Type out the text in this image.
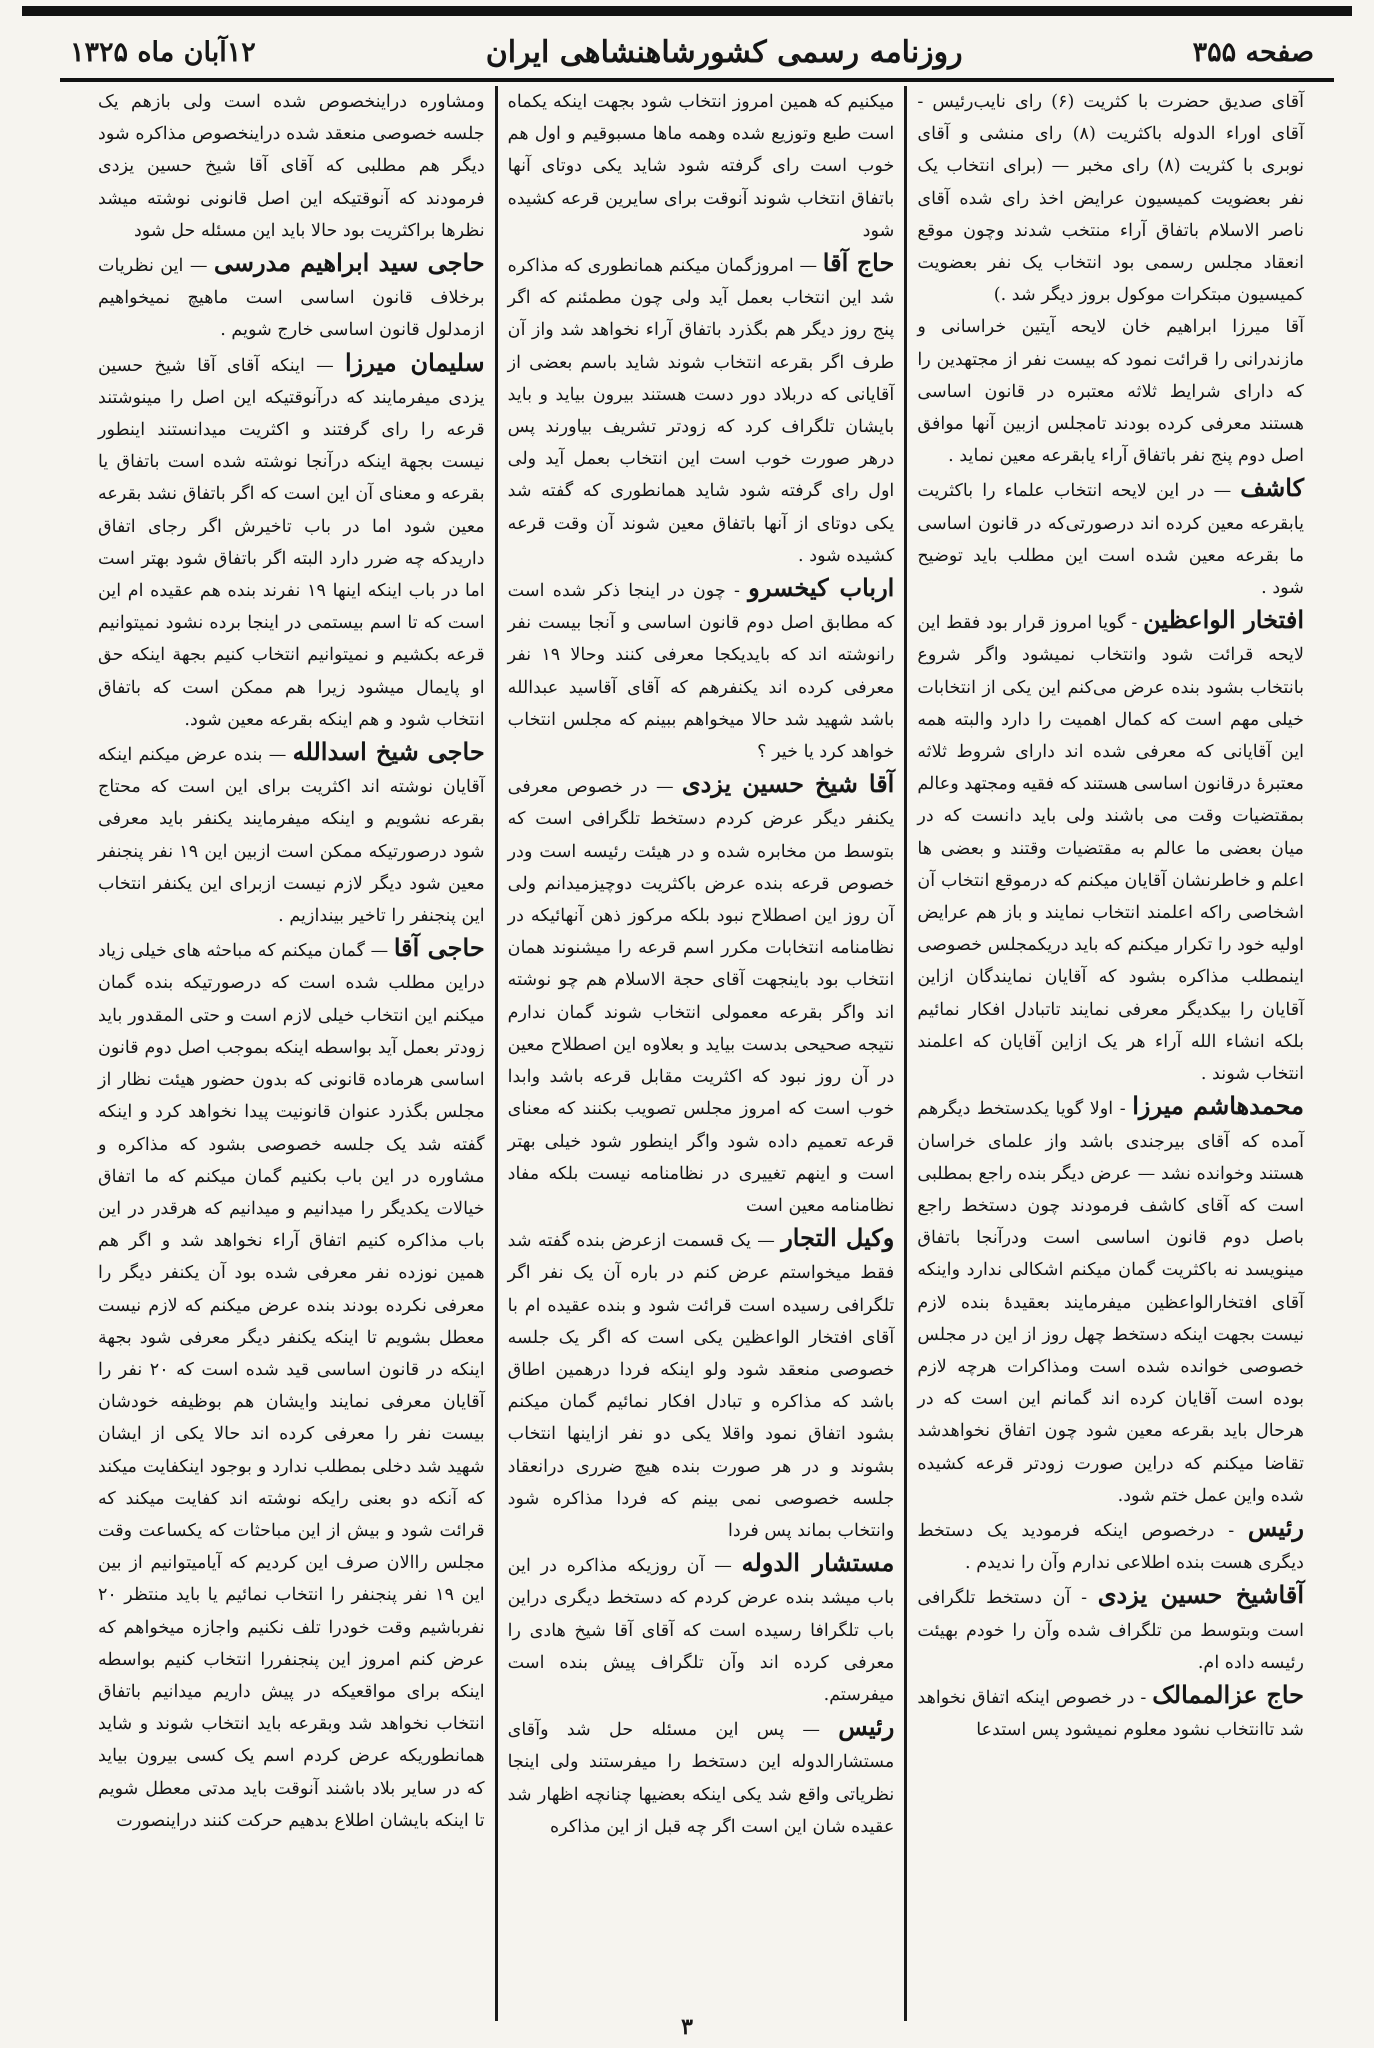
صفحه ۳۵۵
روزنامه رسمی کشورشاهنشاهی ایران
۱۲آبان ماه ۱۳۲۵

آقای صدیق حضرت با کثریت (۶) رای نایب‌رئیس - آقای اوراء الدوله باکثریت (۸) رای منشی و آقای نوبری با کثریت (۸) رای مخبر — (برای انتخاب یک نفر بعضویت کمیسیون عرایض اخذ رای شده آقای ناصر الاسلام باتفاق آراء منتخب شدند وچون موقع انعقاد مجلس رسمی بود انتخاب یک نفر بعضویت کمیسیون مبتکرات موکول بروز دیگر شد .)

آقا میرزا ابراهیم خان لایحه آیتین خراسانی و مازندرانی را قرائت نمود که بیست نفر از مجتهدین را که دارای شرایط ثلاثه معتبره در قانون اساسی هستند معرفی کرده بودند تامجلس ازبین آنها موافق اصل دوم پنج نفر باتفاق آراء یابقرعه معین نماید .

کاشف — در این لایحه انتخاب علماء را باکثریت یابقرعه معین کرده اند درصورتی‌که در قانون اساسی ما بقرعه معین شده است این مطلب باید توضیح شود .

افتخار الواعظین - گویا امروز قرار بود فقط این لایحه قرائت شود وانتخاب نمیشود واگر شروع بانتخاب بشود بنده عرض می‌کنم این یکی از انتخابات خیلی مهم است که کمال اهمیت را دارد والبته همه این آقایانی که معرفی شده اند دارای شروط ثلاثه معتبرهٔ درقانون اساسی هستند که فقیه ومجتهد وعالم بمقتضیات وقت می باشند ولی باید دانست که در میان بعضی ما عالم به مقتضیات وقتند و بعضی ها اعلم و خاطرنشان آقایان میکنم که درموقع انتخاب آن اشخاصی راکه اعلمند انتخاب نمایند و باز هم عرایض اولیه خود را تکرار میکنم که باید دریکمجلس خصوصی اینمطلب مذاکره بشود که آقایان نمایندگان ازاین آقایان را بیکدیگر معرفی نمایند تاتبادل افکار نمائیم بلکه انشاء الله آراء هر یک ازاین آقایان که اعلمند انتخاب شوند .

محمدهاشم میرزا - اولا گویا یکدستخط دیگرهم آمده که آقای بیرجندی باشد واز علمای خراسان هستند وخوانده نشد — عرض دیگر بنده راجع بمطلبی است که آقای کاشف فرمودند چون دستخط راجع باصل دوم قانون اساسی است ودرآنجا باتفاق مینویسد نه باکثریت گمان میکنم اشکالی ندارد واینکه آقای افتخارالواعظین میفرمایند بعقیدهٔ بنده لازم نیست بجهت اینکه دستخط چهل روز از این در مجلس خصوصی خوانده شده است ومذاکرات هرچه لازم بوده است آقایان کرده اند گمانم این است که در هرحال باید بقرعه معین شود چون اتفاق نخواهدشد تقاضا میکنم که دراین صورت زودتر قرعه کشیده شده واین عمل ختم شود.

رئیس - درخصوص اینکه فرمودید یک دستخط دیگری هست بنده اطلاعی ندارم وآن را ندیدم .

آقاشیخ حسین یزدی - آن دستخط تلگرافی است وبتوسط من تلگراف شده وآن را خودم بهیئت رئیسه داده ام.

حاج عزالممالک - در خصوص اینکه اتفاق نخواهد شد تاانتخاب نشود معلوم نمیشود پس استدعا

میکنیم که همین امروز انتخاب شود بجهت اینکه یکماه است طبع وتوزیع شده وهمه ماها مسبوقیم و اول هم خوب است رای گرفته شود شاید یکی دوتای آنها باتفاق انتخاب شوند آنوقت برای سایرین قرعه کشیده شود

حاج آقا — امروزگمان میکنم همانطوری که مذاکره شد این انتخاب بعمل آید ولی چون مطمئنم که اگر پنج روز دیگر هم بگذرد باتفاق آراء نخواهد شد واز آن طرف اگر بقرعه انتخاب شوند شاید باسم بعضی از آقایانی که دربلاد دور دست هستند بیرون بیاید و باید بایشان تلگراف کرد که زودتر تشریف بیاورند پس درهر صورت خوب است این انتخاب بعمل آید ولی اول رای گرفته شود شاید همانطوری که گفته شد یکی دوتای از آنها باتفاق معین شوند آن وقت قرعه کشیده شود .

ارباب کیخسرو - چون در اینجا ذکر شده است که مطابق اصل دوم قانون اساسی و آنجا بیست نفر رانوشته اند که بایدیکجا معرفی کنند وحالا ۱۹ نفر معرفی کرده اند یکنفرهم که آقای آقاسید عبدالله باشد شهید شد حالا میخواهم ببینم که مجلس انتخاب خواهد کرد یا خیر ؟

آقا شیخ حسین یزدی — در خصوص معرفی یکنفر دیگر عرض کردم دستخط تلگرافی است که بتوسط من مخابره شده و در هیئت رئیسه است ودر خصوص قرعه بنده عرض باکثریت دوچیزمیدانم ولی آن روز این اصطلاح نبود بلکه مرکوز ذهن آنهائیکه در نظامنامه انتخابات مکرر اسم قرعه را میشنوند همان انتخاب بود باینجهت آقای حجة الاسلام هم چو نوشته اند واگر بقرعه معمولی انتخاب شوند گمان ندارم نتیجه صحیحی بدست بیاید و بعلاوه این اصطلاح معین در آن روز نبود که اکثریت مقابل قرعه باشد وابدا خوب است که امروز مجلس تصویب بکنند که معنای قرعه تعمیم داده شود واگر اینطور شود خیلی بهتر است و اینهم تغییری در نظامنامه نیست بلکه مفاد نظامنامه معین است

وکیل التجار — یک قسمت ازعرض بنده گفته شد فقط میخواستم عرض کنم در باره آن یک نفر اگر تلگرافی رسیده است قرائت شود و بنده عقیده ام با آقای افتخار الواعظین یکی است که اگر یک جلسه خصوصی منعقد شود ولو اینکه فردا درهمین اطاق باشد که مذاکره و تبادل افکار نمائیم گمان میکنم بشود اتفاق نمود واقلا یکی دو نفر ازاینها انتخاب بشوند و در هر صورت بنده هیچ ضرری درانعقاد جلسه خصوصی نمی بینم که فردا مذاکره شود وانتخاب بماند پس فردا

مستشار الدوله — آن روزیکه مذاکره در این باب میشد بنده عرض کردم که دستخط دیگری دراین باب تلگرافا رسیده است که آقای آقا شیخ هادی را معرفی کرده اند وآن تلگراف پیش بنده است میفرستم.

رئیس — پس این مسئله حل شد وآقای مستشارالدوله این دستخط را میفرستند ولی اینجا نظریاتی واقع شد یکی اینکه بعضیها چنانچه اظهار شد عقیده شان این است اگر چه قبل از این مذاکره

ومشاوره دراینخصوص شده است ولی بازهم یک جلسه خصوصی منعقد شده دراینخصوص مذاکره شود دیگر هم مطلبی که آقای آقا شیخ حسین یزدی فرمودند که آنوقتیکه این اصل قانونی نوشته میشد نظرها براکثریت بود حالا باید این مسئله حل شود

حاجی سید ابراهیم مدرسی — این نظریات برخلاف قانون اساسی است ماهیچ نمیخواهیم ازمدلول قانون اساسی خارج شویم .

سلیمان میرزا — اینکه آقای آقا شیخ حسین یزدی میفرمایند که درآنوقتیکه این اصل را مینوشتند قرعه را رای گرفتند و اکثریت میدانستند اینطور نیست بجهة اینکه درآنجا نوشته شده است باتفاق یا بقرعه و معنای آن این است که اگر باتفاق نشد بقرعه معین شود اما در باب تاخیرش اگر رجای اتفاق داریدکه چه ضرر دارد البته اگر باتفاق شود بهتر است اما در باب اینکه اینها ۱۹ نفرند بنده هم عقیده ام این است که تا اسم بیستمی در اینجا برده نشود نمیتوانیم قرعه بکشیم و نمیتوانیم انتخاب کنیم بجهة اینکه حق او پایمال میشود زیرا هم ممکن است که باتفاق انتخاب شود و هم اینکه بقرعه معین شود.

حاجی شیخ اسدالله — بنده عرض میکنم اینکه آقایان نوشته اند اکثریت برای این است که محتاج بقرعه نشویم و اینکه میفرمایند یکنفر باید معرفی شود درصورتیکه ممکن است ازبین این ۱۹ نفر پنجنفر معین شود دیگر لازم نیست ازبرای این یکنفر انتخاب این پنجنفر را تاخیر بیندازیم .

حاجی آقا — گمان میکنم که مباحثه های خیلی زیاد دراین مطلب شده است که درصورتیکه بنده گمان میکنم این انتخاب خیلی لازم است و حتی المقدور باید زودتر بعمل آید بواسطه اینکه بموجب اصل دوم قانون اساسی هرماده قانونی که بدون حضور هیئت نظار از مجلس بگذرد عنوان قانونیت پیدا نخواهد کرد و اینکه گفته شد یک جلسه خصوصی بشود که مذاکره و مشاوره در این باب بکنیم گمان میکنم که ما اتفاق خیالات یکدیگر را میدانیم و میدانیم که هرقدر در این باب مذاکره کنیم اتفاق آراء نخواهد شد و اگر هم همین نوزده نفر معرفی شده بود آن یکنفر دیگر را معرفی نکرده بودند بنده عرض میکنم که لازم نیست معطل بشویم تا اینکه یکنفر دیگر معرفی شود بجهة اینکه در قانون اساسی قید شده است که ۲۰ نفر را آقایان معرفی نمایند وایشان هم بوظیفه خودشان بیست نفر را معرفی کرده اند حالا یکی از ایشان شهید شد دخلی بمطلب ندارد و بوجود اینکفایت میکند که آنکه دو بعنی رایکه نوشته اند کفایت میکند که قرائت شود و بیش از این مباحثات که یکساعت وقت مجلس راالان صرف این کردیم که آیامیتوانیم از بین این ۱۹ نفر پنجنفر را انتخاب نمائیم یا باید منتظر ۲۰ نفرباشیم وقت خودرا تلف نکنیم واجازه میخواهم که عرض کنم امروز این پنجنفررا انتخاب کنیم بواسطه اینکه برای مواقعیکه در پیش داریم میدانیم باتفاق انتخاب نخواهد شد وبقرعه باید انتخاب شوند و شاید همانطوریکه عرض کردم اسم یک کسی بیرون بیاید که در سایر بلاد باشند آنوقت باید مدتی معطل شویم تا اینکه بایشان اطلاع بدهیم حرکت کنند دراینصورت

۳
